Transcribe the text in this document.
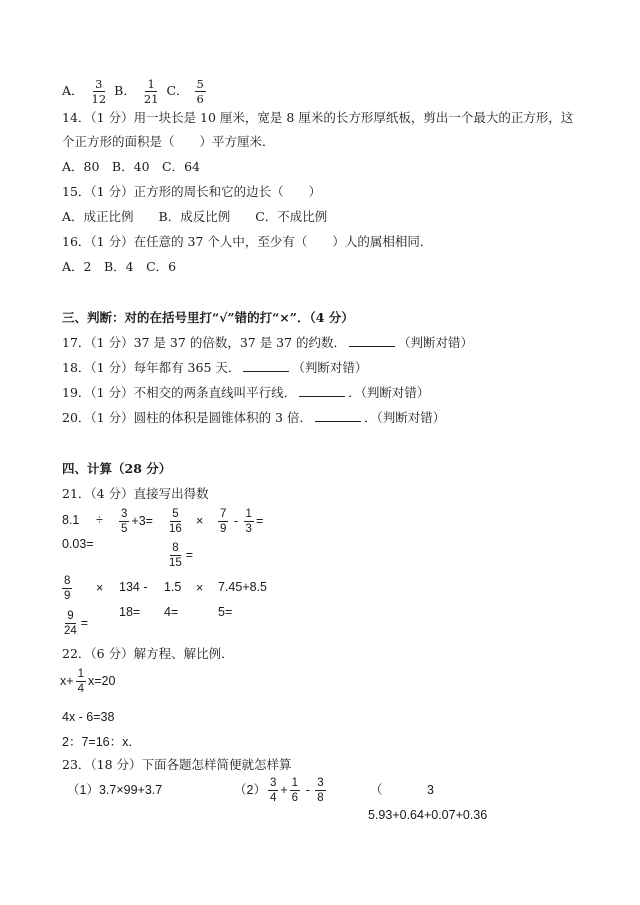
A． $\frac{3}{12}$ B． $\frac{1}{21}$ C． $\frac{5}{6}$
14．（1 分）用一块长是 10 厘米，宽是 8 厘米的长方形厚纸板，剪出一个最大的正方形，这
个正方形的面积是（　　）平方厘米．
A．80　B．40　C．64
15．（1 分）正方形的周长和它的边长（　　）
A．成正比例　　B．成反比例　　C．不成比例
16．（1 分）在任意的 37 个人中，至少有（　　）人的属相相同．
A．2　B．4　C．6
三、判断：对的在括号里打“√”错的打“×”．（4 分）
17．（1 分）37 是 37 的倍数，37 是 37 的约数．	（判断对错）
18．（1 分）每年都有 365 天．	（判断对错）
19．（1 分）不相交的两条直线叫平行线．	．（判断对错）
20．（1 分）圆柱的体积是圆锥体积的 3 倍．	．（判断对错）
四、计算（28 分）
21．（4 分）直接写出得数
$8.1 \div \frac{3}{5} +3= \frac{5}{16} \times \frac{7}{9} - \frac{1}{3}$ =
0.03=	$\frac{8}{15}$ =
$\frac{8}{9} \times 134 - 1.5 \times 7.45+8.5$
18= 4=	5=
$\frac{9}{24}$ =
22．（6 分）解方程、解比例．
$x+ \frac{1}{4} x=20$
4x - 6=38
2：7=16：x．
23．（18 分）下面各题怎样简便就怎样算
（1）3.7×99+3.7	$(2) \frac{3}{4} + \frac{1}{6} - \frac{3}{8}$	（	3
5.93+0.64+0.07+0.36
